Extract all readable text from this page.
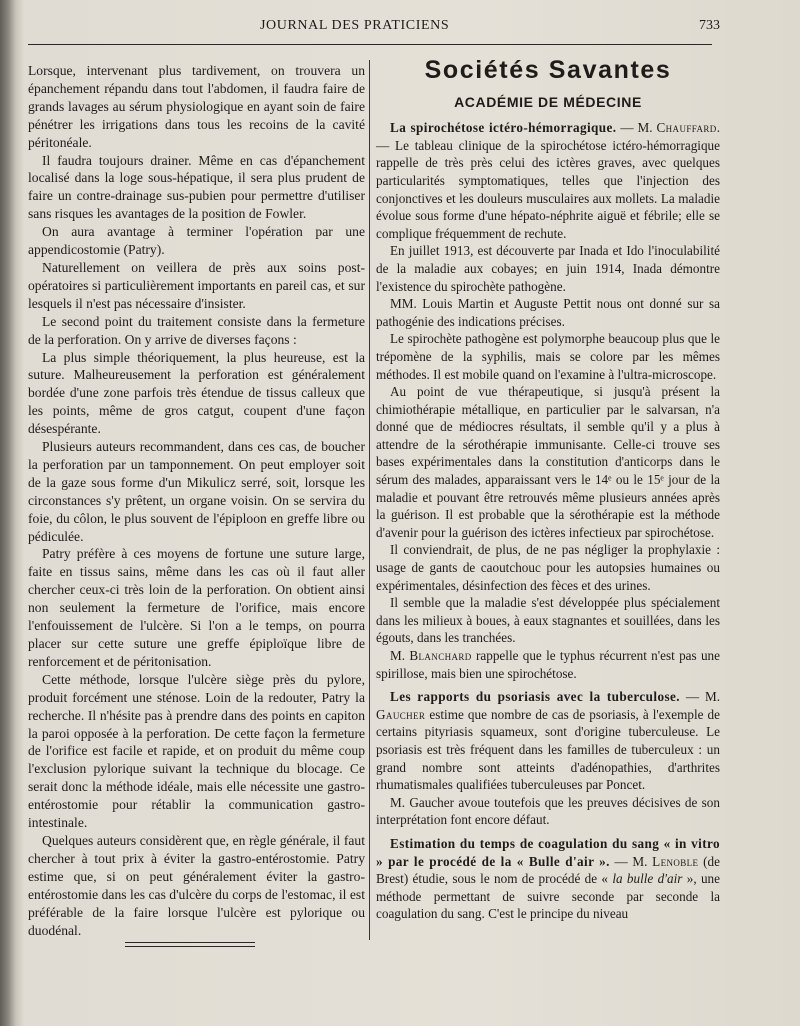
JOURNAL DES PRATICIENS	733

Lorsque, intervenant plus tardivement, on trouvera un épanchement répandu dans tout l'abdomen, il faudra faire de grands lavages au sérum physiologique en ayant soin de faire pénétrer les irrigations dans tous les recoins de la cavité péritonéale.

Il faudra toujours drainer. Même en cas d'épanchement localisé dans la loge sous-hépatique, il sera plus prudent de faire un contre-drainage sus-pubien pour permettre d'utiliser sans risques les avantages de la position de Fowler.

On aura avantage à terminer l'opération par une appendicostomie (Patry).

Naturellement on veillera de près aux soins post-opératoires si particulièrement importants en pareil cas, et sur lesquels il n'est pas nécessaire d'insister.

Le second point du traitement consiste dans la fermeture de la perforation. On y arrive de diverses façons :

La plus simple théoriquement, la plus heureuse, est la suture. Malheureusement la perforation est généralement bordée d'une zone parfois très étendue de tissus calleux que les points, même de gros catgut, coupent d'une façon désespérante.

Plusieurs auteurs recommandent, dans ces cas, de boucher la perforation par un tamponnement. On peut employer soit de la gaze sous forme d'un Mikulicz serré, soit, lorsque les circonstances s'y prêtent, un organe voisin. On se servira du foie, du côlon, le plus souvent de l'épiploon en greffe libre ou pédiculée.

Patry préfère à ces moyens de fortune une suture large, faite en tissus sains, même dans les cas où il faut aller chercher ceux-ci très loin de la perforation. On obtient ainsi non seulement la fermeture de l'orifice, mais encore l'enfouissement de l'ulcère. Si l'on a le temps, on pourra placer sur cette suture une greffe épiploïque libre de renforcement et de péritonisation.

Cette méthode, lorsque l'ulcère siège près du pylore, produit forcément une sténose. Loin de la redouter, Patry la recherche. Il n'hésite pas à prendre dans des points en capiton la paroi opposée à la perforation. De cette façon la fermeture de l'orifice est facile et rapide, et on produit du même coup l'exclusion pylorique suivant la technique du blocage. Ce serait donc la méthode idéale, mais elle nécessite une gastro-entérostomie pour rétablir la communication gastro-intestinale.

Quelques auteurs considèrent que, en règle générale, il faut chercher à tout prix à éviter la gastro-entérostomie. Patry estime que, si on peut généralement éviter la gastro-entérostomie dans les cas d'ulcère du corps de l'estomac, il est préférable de la faire lorsque l'ulcère est pylorique ou duodénal.

Sociétés Savantes
ACADÉMIE DE MÉDECINE

La spirochétose ictéro-hémorragique. — M. Chauffard. — Le tableau clinique de la spirochétose ictéro-hémorragique rappelle de très près celui des ictères graves, avec quelques particularités symptomatiques, telles que l'injection des conjonctives et les douleurs musculaires aux mollets. La maladie évolue sous forme d'une hépato-néphrite aiguë et fébrile; elle se complique fréquemment de rechute.

En juillet 1913, est découverte par Inada et Ido l'inoculabilité de la maladie aux cobayes; en juin 1914, Inada démontre l'existence du spirochète pathogène.

MM. Louis Martin et Auguste Pettit nous ont donné sur sa pathogénie des indications précises.

Le spirochète pathogène est polymorphe beaucoup plus que le trépomène de la syphilis, mais se colore par les mêmes méthodes. Il est mobile quand on l'examine à l'ultra-microscope.

Au point de vue thérapeutique, si jusqu'à présent la chimiothérapie métallique, en particulier par le salvarsan, n'a donné que de médiocres résultats, il semble qu'il y a plus à attendre de la sérothérapie immunisante. Celle-ci trouve ses bases expérimentales dans la constitution d'anticorps dans le sérum des malades, apparaissant vers le 14ᵉ ou le 15ᵉ jour de la maladie et pouvant être retrouvés même plusieurs années après la guérison. Il est probable que la sérothérapie est la méthode d'avenir pour la guérison des ictères infectieux par spirochétose.

Il conviendrait, de plus, de ne pas négliger la prophylaxie : usage de gants de caoutchouc pour les autopsies humaines ou expérimentales, désinfection des fèces et des urines.

Il semble que la maladie s'est développée plus spécialement dans les milieux à boues, à eaux stagnantes et souillées, dans les égouts, dans les tranchées.

M. Blanchard rappelle que le typhus récurrent n'est pas une spirillose, mais bien une spirochétose.

Les rapports du psoriasis avec la tuberculose. — M. Gaucher estime que nombre de cas de psoriasis, à l'exemple de certains pityriasis squameux, sont d'origine tuberculeuse. Le psoriasis est très fréquent dans les familles de tuberculeux : un grand nombre sont atteints d'adénopathies, d'arthrites rhumatismales qualifiées tuberculeuses par Poncet.

M. Gaucher avoue toutefois que les preuves décisives de son interprétation font encore défaut.

Estimation du temps de coagulation du sang « in vitro » par le procédé de la « Bulle d'air ». — M. Lenoble (de Brest) étudie, sous le nom de procédé de « la bulle d'air », une méthode permettant de suivre seconde par seconde la coagulation du sang. C'est le principe du niveau
